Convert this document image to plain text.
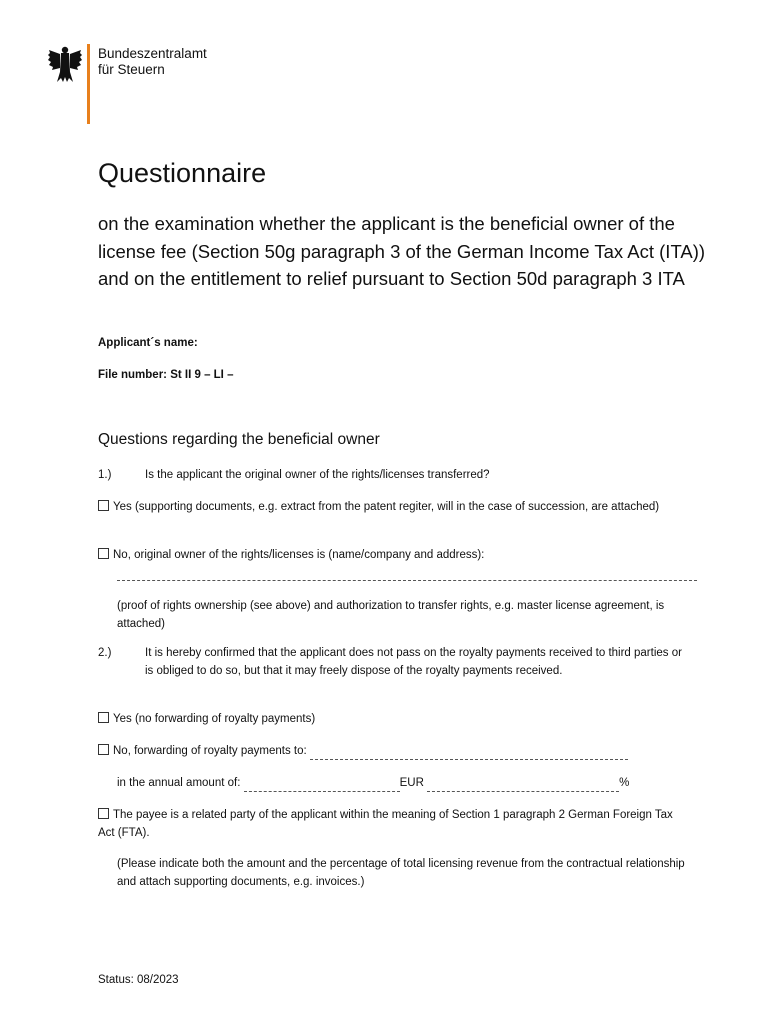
Bundeszentralamt
für Steuern
Questionnaire
on the examination whether the applicant is the beneficial owner of the license fee (Section 50g paragraph 3 of the German Income Tax Act (ITA)) and on the entitlement to relief pursuant to Section 50d paragraph 3 ITA
Applicant´s name:
File number: St II 9 – LI –
Questions regarding the beneficial owner
1.)	Is the applicant the original owner of the rights/licenses transferred?
Yes (supporting documents, e.g. extract from the patent regiter, will in the case of succession, are attached)
No, original owner of the rights/licenses is (name/company and address):
(proof of rights ownership (see above) and authorization to transfer rights, e.g. master license agreement, is attached)
2.)	It is hereby confirmed that the applicant does not pass on the royalty payments received to third parties or is obliged to do so, but that it may freely dispose of the royalty payments received.
Yes (no forwarding of royalty payments)
No, forwarding of royalty payments to:
in the annual amount of:	EUR	%
The payee is a related party of the applicant within the meaning of Section 1 paragraph 2 German Foreign Tax Act (FTA).
(Please indicate both the amount and the percentage of total licensing revenue from the contractual relationship and attach supporting documents, e.g. invoices.)
Status: 08/2023
